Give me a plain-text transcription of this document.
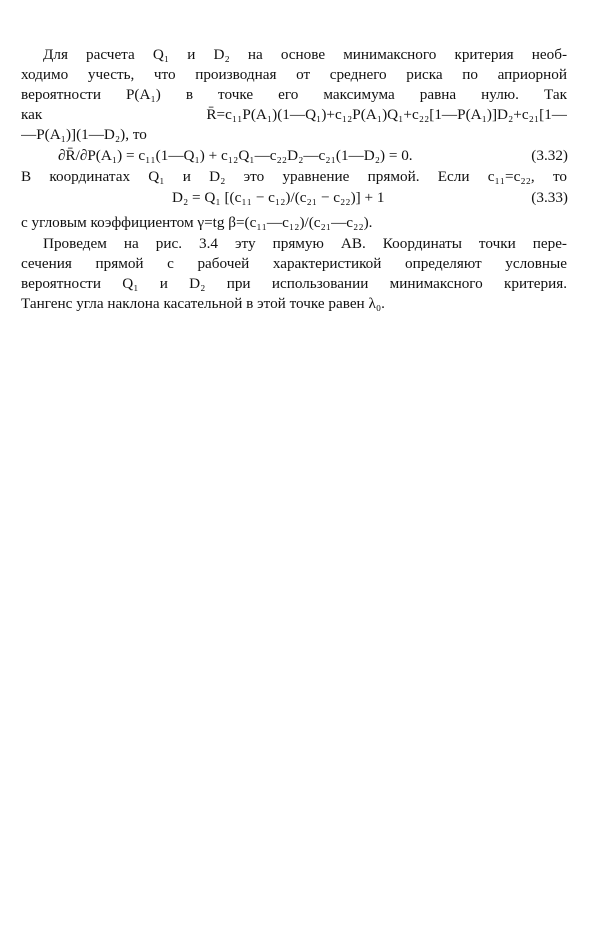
Для расчета Q₁ и D₂ на основе минимаксного критерия необ-
ходимо учесть, что производная от среднего риска по априорной
вероятности P(A₁) в точке его максимума равна нулю. Так
как R̄=c₁₁P(A₁)(1—Q₁)+c₁₂P(A₁)Q₁+c₂₂[1—P(A₁)]D₂+c₂₁[1—
—P(A₁)](1—D₂), то
∂R̄/∂P(A₁) = c₁₁(1—Q₁) + c₁₂Q₁—c₂₂D₂—c₂₁(1—D₂) = 0.	(3.32)
В координатах Q₁ и D₂ это уравнение прямой. Если c₁₁=c₂₂, то
D₂ = Q₁ [(c₁₁ − c₁₂)/(c₂₁ − c₂₂)] + 1	(3.33)
с угловым коэффициентом γ=tg β=(c₁₁—c₁₂)/(c₂₁—c₂₂).
Проведем на рис. 3.4 эту прямую AB. Координаты точки пере-
сечения прямой с рабочей характеристикой определяют условные
вероятности Q₁ и D₂ при использовании минимаксного критерия.
Тангенс угла наклона касательной в этой точке равен λ₀.
